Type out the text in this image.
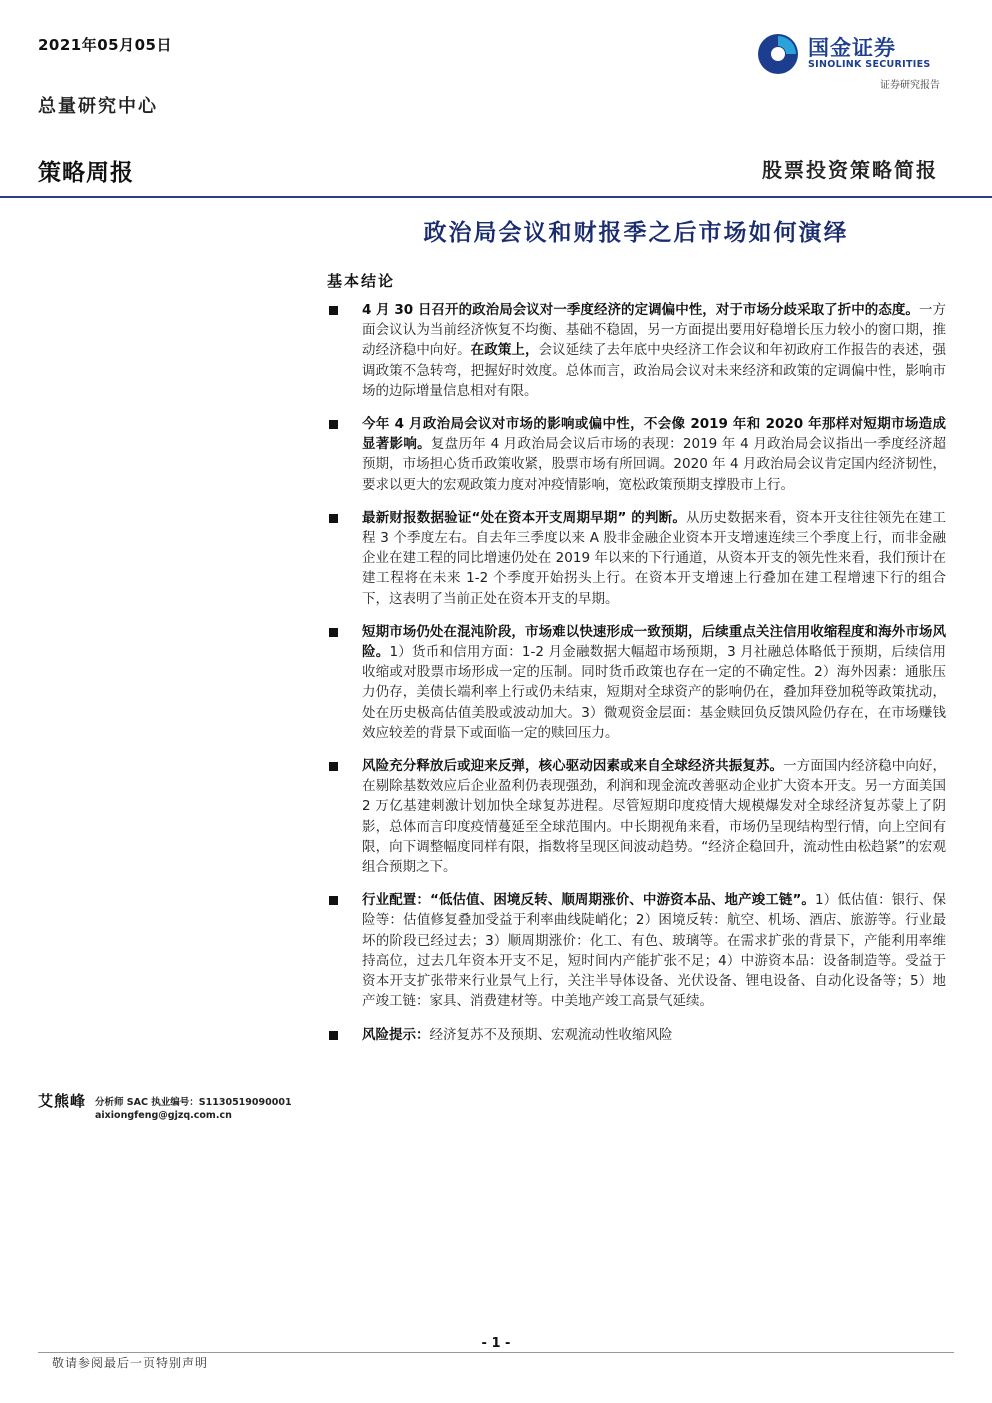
2021年05月05日
总量研究中心
国金证券
SINOLINK SECURITIES
证券研究报告
策略周报	股票投资策略简报
政治局会议和财报季之后市场如何演绎
基本结论
4 月 30 日召开的政治局会议对一季度经济的定调偏中性，对于市场分歧采取了折中的态度。一方面会议认为当前经济恢复不均衡、基础不稳固，另一方面提出要用好稳增长压力较小的窗口期，推动经济稳中向好。在政策上，会议延续了去年底中央经济工作会议和年初政府工作报告的表述，强调政策不急转弯，把握好时效度。总体而言，政治局会议对未来经济和政策的定调偏中性，影响市场的边际增量信息相对有限。
今年 4 月政治局会议对市场的影响或偏中性，不会像 2019 年和 2020 年那样对短期市场造成显著影响。复盘历年 4 月政治局会议后市场的表现：2019 年 4 月政治局会议指出一季度经济超预期，市场担心货币政策收紧，股票市场有所回调。2020 年 4 月政治局会议肯定国内经济韧性，要求以更大的宏观政策力度对冲疫情影响，宽松政策预期支撑股市上行。
最新财报数据验证“处在资本开支周期早期” 的判断。从历史数据来看，资本开支往往领先在建工程 3 个季度左右。自去年三季度以来 A 股非金融企业资本开支增速连续三个季度上行，而非金融企业在建工程的同比增速仍处在 2019 年以来的下行通道，从资本开支的领先性来看，我们预计在建工程将在未来 1-2 个季度开始拐头上行。在资本开支增速上行叠加在建工程增速下行的组合下，这表明了当前正处在资本开支的早期。
短期市场仍处在混沌阶段，市场难以快速形成一致预期，后续重点关注信用收缩程度和海外市场风险。1）货币和信用方面：1-2 月金融数据大幅超市场预期，3 月社融总体略低于预期，后续信用收缩或对股票市场形成一定的压制。同时货币政策也存在一定的不确定性。2）海外因素：通胀压力仍存，美债长端利率上行或仍未结束，短期对全球资产的影响仍在，叠加拜登加税等政策扰动，处在历史极高估值美股或波动加大。3）微观资金层面：基金赎回负反馈风险仍存在，在市场赚钱效应较差的背景下或面临一定的赎回压力。
风险充分释放后或迎来反弹，核心驱动因素或来自全球经济共振复苏。一方面国内经济稳中向好，在剔除基数效应后企业盈利仍表现强劲，利润和现金流改善驱动企业扩大资本开支。另一方面美国 2 万亿基建刺激计划加快全球复苏进程。尽管短期印度疫情大规模爆发对全球经济复苏蒙上了阴影，总体而言印度疫情蔓延至全球范围内。中长期视角来看，市场仍呈现结构型行情，向上空间有限，向下调整幅度同样有限，指数将呈现区间波动趋势。“经济企稳回升，流动性由松趋紧”的宏观组合预期之下。
行业配置：“低估值、困境反转、顺周期涨价、中游资本品、地产竣工链”。1）低估值：银行、保险等：估值修复叠加受益于利率曲线陡峭化；2）困境反转：航空、机场、酒店、旅游等。行业最坏的阶段已经过去；3）顺周期涨价：化工、有色、玻璃等。在需求扩张的背景下，产能利用率维持高位，过去几年资本开支不足，短时间内产能扩张不足；4）中游资本品：设备制造等。受益于资本开支扩张带来行业景气上行，关注半导体设备、光伏设备、锂电设备、自动化设备等；5）地产竣工链：家具、消费建材等。中美地产竣工高景气延续。
风险提示：经济复苏不及预期、宏观流动性收缩风险
艾熊峰 分析师 SAC 执业编号：S1130519090001
aixiongfeng@gjzq.com.cn
- 1 -
敬请参阅最后一页特别声明
